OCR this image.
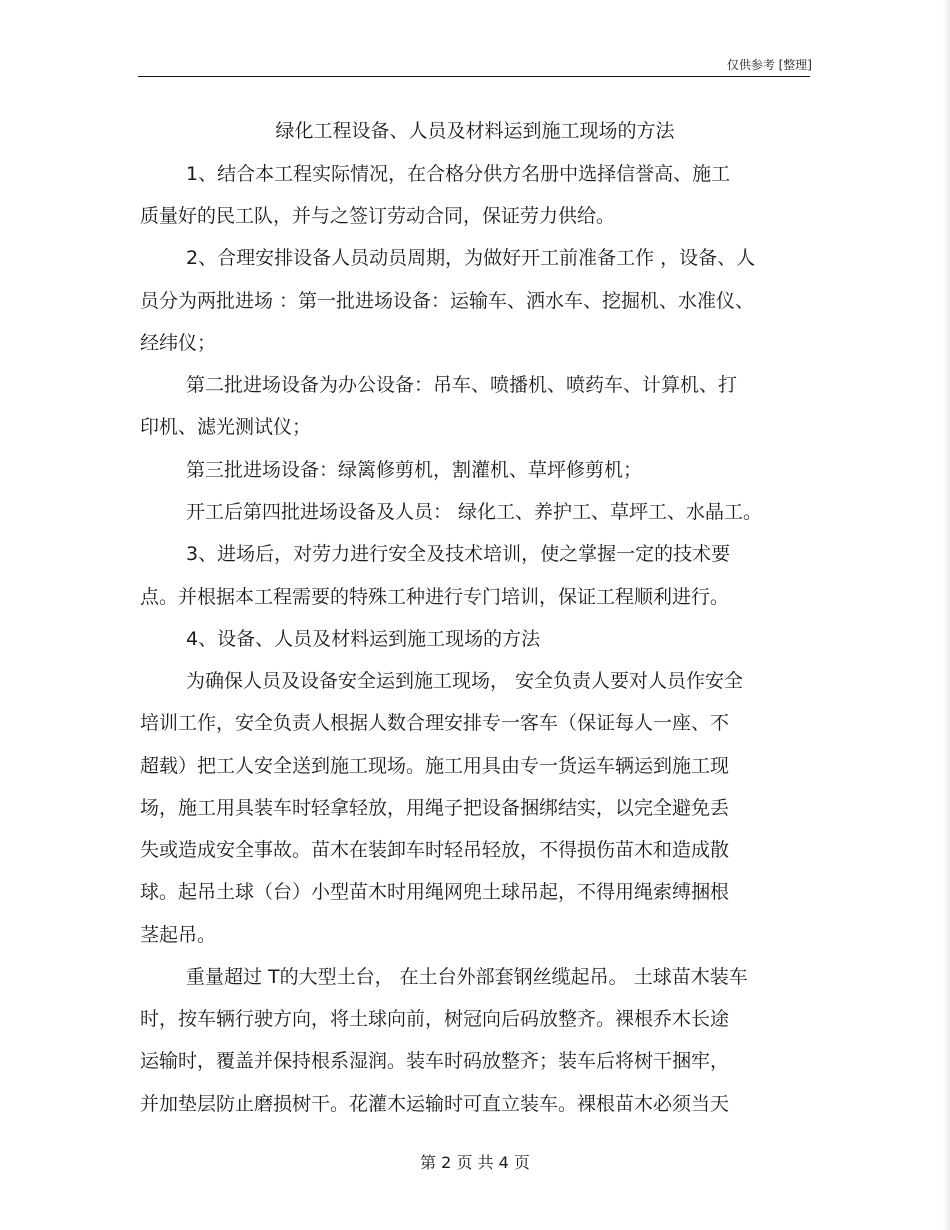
仅供参考 [整理]
绿化工程设备、人员及材料运到施工现场的方法
1、结合本工程实际情况，在合格分供方名册中选择信誉高、施工
质量好的民工队，并与之签订劳动合同，保证劳力供给。
2、合理安排设备人员动员周期，为做好开工前准备工作 ，设备、人
员分为两批进场 ：第一批进场设备：运输车、洒水车、挖掘机、水准仪、
经纬仪；
第二批进场设备为办公设备：吊车、喷播机、喷药车、计算机、打
印机、滤光测试仪；
第三批进场设备：绿篱修剪机，割灌机、草坪修剪机；
开工后第四批进场设备及人员： 绿化工、养护工、草坪工、水晶工。
3、进场后，对劳力进行安全及技术培训，使之掌握一定的技术要
点。并根据本工程需要的特殊工种进行专门培训，保证工程顺利进行。
4、设备、人员及材料运到施工现场的方法
为确保人员及设备安全运到施工现场， 安全负责人要对人员作安全
培训工作，安全负责人根据人数合理安排专一客车（保证每人一座、不
超载）把工人安全送到施工现场。施工用具由专一货运车辆运到施工现
场，施工用具装车时轻拿轻放，用绳子把设备捆绑结实，以完全避免丢
失或造成安全事故。苗木在装卸车时轻吊轻放，不得损伤苗木和造成散
球。起吊土球（台）小型苗木时用绳网兜土球吊起，不得用绳索缚捆根
茎起吊。
重量超过 T的大型土台， 在土台外部套钢丝缆起吊。 土球苗木装车
时，按车辆行驶方向，将土球向前，树冠向后码放整齐。裸根乔木长途
运输时，覆盖并保持根系湿润。装车时码放整齐；装车后将树干捆牢，
并加垫层防止磨损树干。花灌木运输时可直立装车。裸根苗木必须当天
第 2 页 共 4 页
